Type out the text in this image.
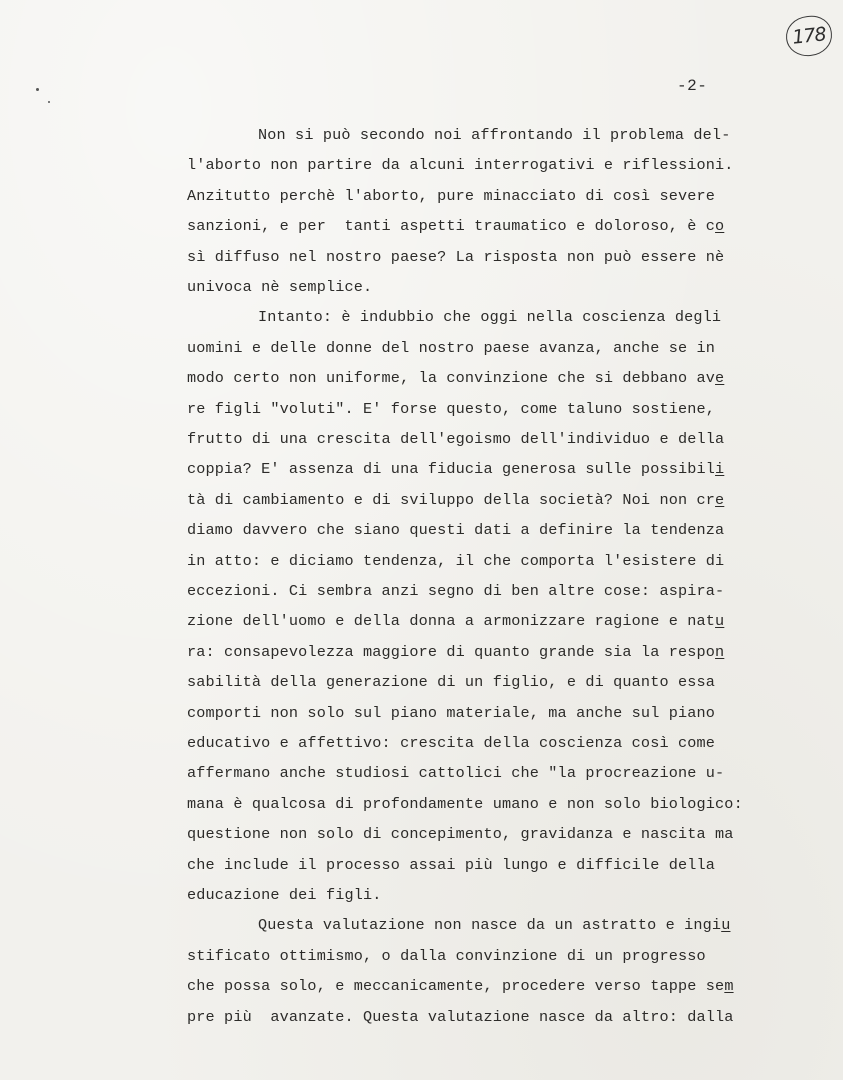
178
-2-
Non si può secondo noi affrontando il problema del-
l'aborto non partire da alcuni interrogativi e riflessioni.
Anzitutto perchè l'aborto, pure minacciato di così severe
sanzioni, e per  tanti aspetti traumatico e doloroso, è co
sì diffuso nel nostro paese? La risposta non può essere nè
univoca nè semplice.
Intanto: è indubbio che oggi nella coscienza degli
uomini e delle donne del nostro paese avanza, anche se in
modo certo non uniforme, la convinzione che si debbano ave
re figli "voluti". E' forse questo, come taluno sostiene,
frutto di una crescita dell'egoismo dell'individuo e della
coppia? E' assenza di una fiducia generosa sulle possibili
tà di cambiamento e di sviluppo della società? Noi non cre
diamo davvero che siano questi dati a definire la tendenza
in atto: e diciamo tendenza, il che comporta l'esistere di
eccezioni. Ci sembra anzi segno di ben altre cose: aspira-
zione dell'uomo e della donna a armonizzare ragione e natu
ra: consapevolezza maggiore di quanto grande sia la respon
sabilità della generazione di un figlio, e di quanto essa
comporti non solo sul piano materiale, ma anche sul piano
educativo e affettivo: crescita della coscienza così come
affermano anche studiosi cattolici che "la procreazione u-
mana è qualcosa di profondamente umano e non solo biologico:
questione non solo di concepimento, gravidanza e nascita ma
che include il processo assai più lungo e difficile della
educazione dei figli.
Questa valutazione non nasce da un astratto e ingiu
stificato ottimismo, o dalla convinzione di un progresso
che possa solo, e meccanicamente, procedere verso tappe sem
pre più  avanzate. Questa valutazione nasce da altro: dalla
